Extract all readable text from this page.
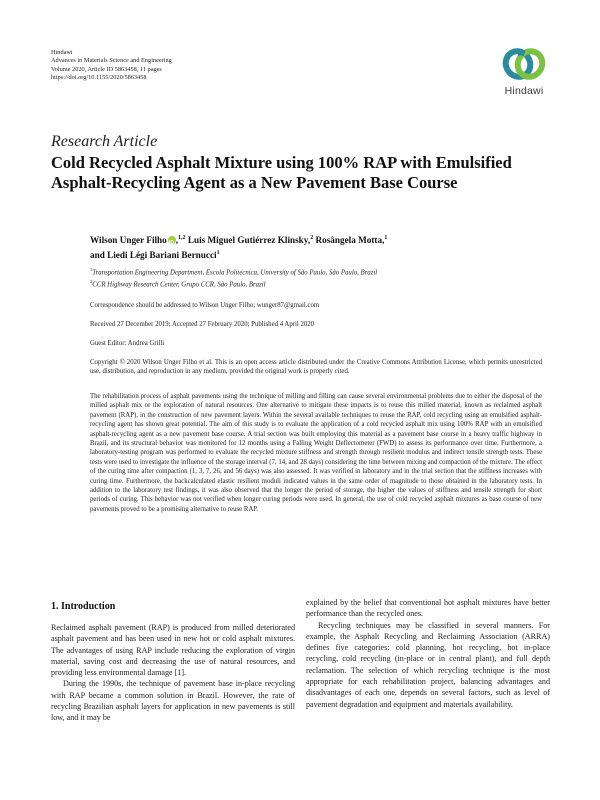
Hindawi
Advances in Materials Science and Engineering
Volume 2020, Article ID 5863458, 11 pages
https://doi.org/10.1155/2020/5863458
Hindawi
Research Article
Cold Recycled Asphalt Mixture using 100% RAP with Emulsified Asphalt-Recycling Agent as a New Pavement Base Course
Wilson Unger Filho iD ,$^{1,2}$ Luis Miguel Gutiérrez Klinsky,$^2$ Rosângela Motta,$^1$
and Liedi Légi Bariani Bernucci$^1$
$^1$Transportation Engineering Department, Escola Politécnica, University of São Paulo, São Paulo, Brazil
$^2$CCR Highway Research Center, Grupo CCR, São Paulo, Brazil
Correspondence should be addressed to Wilson Unger Filho; wunger87@gmail.com
Received 27 December 2019; Accepted 27 February 2020; Published 4 April 2020
Guest Editor: Andrea Grilli
Copyright © 2020 Wilson Unger Filho et al. This is an open access article distributed under the Creative Commons Attribution License, which permits unrestricted use, distribution, and reproduction in any medium, provided the original work is properly cited.
The rehabilitation process of asphalt pavements using the technique of milling and filling can cause several environmental problems due to either the disposal of the milled asphalt mix or the exploration of natural resources. One alternative to mitigate these impacts is to reuse this milled material, known as reclaimed asphalt pavement (RAP), in the construction of new pavement layers. Within the several available techniques to reuse the RAP, cold recycling using an emulsified asphalt-recycling agent has shown great potential. The aim of this study is to evaluate the application of a cold recycled asphalt mix using 100% RAP with an emulsified asphalt-recycling agent as a new pavement base course. A trial section was built employing this material as a pavement base course in a heavy traffic highway in Brazil, and its structural behavior was monitored for 12 months using a Falling Weight Deflectometer (FWD) to assess its performance over time. Furthermore, a laboratory-testing program was performed to evaluate the recycled mixture stiffness and strength through resilient modulus and indirect tensile strength tests. These tests were used to investigate the influence of the storage interval (7, 14, and 28 days) considering the time between mixing and compaction of the mixture. The effect of the curing time after compaction (1, 3, 7, 26, and 56 days) was also assessed. It was verified in laboratory and in the trial section that the stiffness increases with curing time. Furthermore, the backcalculated elastic resilient moduli indicated values in the same order of magnitude to those obtained in the laboratory tests. In addition to the laboratory test findings, it was also observed that the longer the period of storage, the higher the values of stiffness and tensile strength for short periods of curing. This behavior was not verified when longer curing periods were used. In general, the use of cold recycled asphalt mixtures as base course of new pavements proved to be a promising alternative to reuse RAP.
1. Introduction

Reclaimed asphalt pavement (RAP) is produced from milled deteriorated asphalt pavement and has been used in new hot or cold asphalt mixtures. The advantages of using RAP include reducing the exploration of virgin material, saving cost and decreasing the use of natural resources, and providing less environmental damage [1].

During the 1990s, the technique of pavement base in-place recycling with RAP became a common solution in Brazil. However, the rate of recycling Brazilian asphalt layers for application in new pavements is still low, and it may be

explained by the belief that conventional hot asphalt mixtures have better performance than the recycled ones.

Recycling techniques may be classified in several manners. For example, the Asphalt Recycling and Reclaiming Association (ARRA) defines five categories: cold planning, hot recycling, hot in-place recycling, cold recycling (in-place or in central plant), and full depth reclamation. The selection of which recycling technique is the most appropriate for each rehabilitation project, balancing advantages and disadvantages of each one, depends on several factors, such as level of pavement degradation and equipment and materials availability.
